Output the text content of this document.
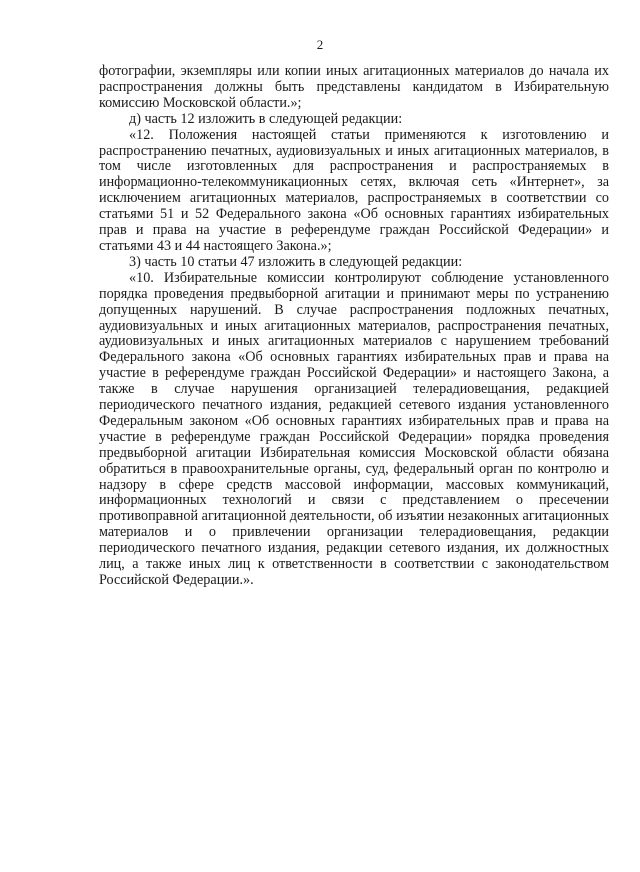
2

фотографии, экземпляры или копии иных агитационных материалов до начала их распространения должны быть представлены кандидатом в Избирательную комиссию Московской области.»;

д) часть 12 изложить в следующей редакции:

«12. Положения настоящей статьи применяются к изготовлению и распространению печатных, аудиовизуальных и иных агитационных материалов, в том числе изготовленных для распространения и распространяемых в информационно-телекоммуникационных сетях, включая сеть «Интернет», за исключением агитационных материалов, распространяемых в соответствии со статьями 51 и 52 Федерального закона «Об основных гарантиях избирательных прав и права на участие в референдуме граждан Российской Федерации» и статьями 43 и 44 настоящего Закона.»;

3) часть 10 статьи 47 изложить в следующей редакции:

«10. Избирательные комиссии контролируют соблюдение установленного порядка проведения предвыборной агитации и принимают меры по устранению допущенных нарушений. В случае распространения подложных печатных, аудиовизуальных и иных агитационных материалов, распространения печатных, аудиовизуальных и иных агитационных материалов с нарушением требований Федерального закона «Об основных гарантиях избирательных прав и права на участие в референдуме граждан Российской Федерации» и настоящего Закона, а также в случае нарушения организацией телерадиовещания, редакцией периодического печатного издания, редакцией сетевого издания установленного Федеральным законом «Об основных гарантиях избирательных прав и права на участие в референдуме граждан Российской Федерации» порядка проведения предвыборной агитации Избирательная комиссия Московской области обязана обратиться в правоохранительные органы, суд, федеральный орган по контролю и надзору в сфере средств массовой информации, массовых коммуникаций, информационных технологий и связи с представлением о пресечении противоправной агитационной деятельности, об изъятии незаконных агитационных материалов и о привлечении организации телерадиовещания, редакции периодического печатного издания, редакции сетевого издания, их должностных лиц, а также иных лиц к ответственности в соответствии с законодательством Российской Федерации.».
